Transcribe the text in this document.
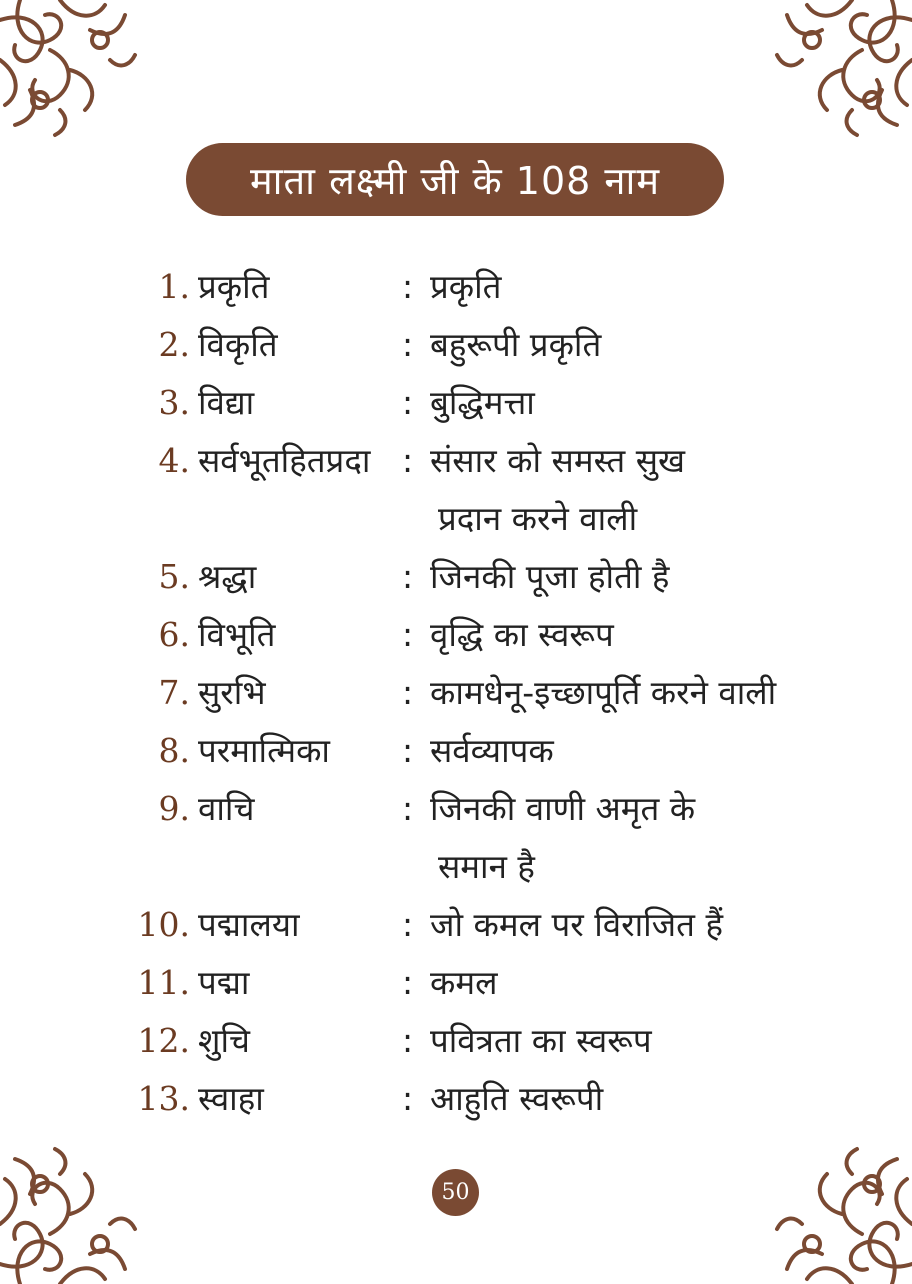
माता लक्ष्मी जी के 108 नाम
1. प्रकृति	: प्रकृति
2. विकृति	: बहुरूपी प्रकृति
3. विद्या	: बुद्धिमत्ता
4. सर्वभूतहितप्रदा : संसार को समस्त सुख
प्रदान करने वाली
5. श्रद्धा	: जिनकी पूजा होती है
6. विभूति	: वृद्धि का स्वरूप
7. सुरभि	: कामधेनू-इच्छापूर्ति करने वाली
8. परमात्मिका	: सर्वव्यापक
9. वाचि	: जिनकी वाणी अमृत के
समान है
10. पद्मालया	: जो कमल पर विराजित हैं
11. पद्मा	: कमल
12. शुचि	: पवित्रता का स्वरूप
13. स्वाहा	: आहुति स्वरूपी
50
